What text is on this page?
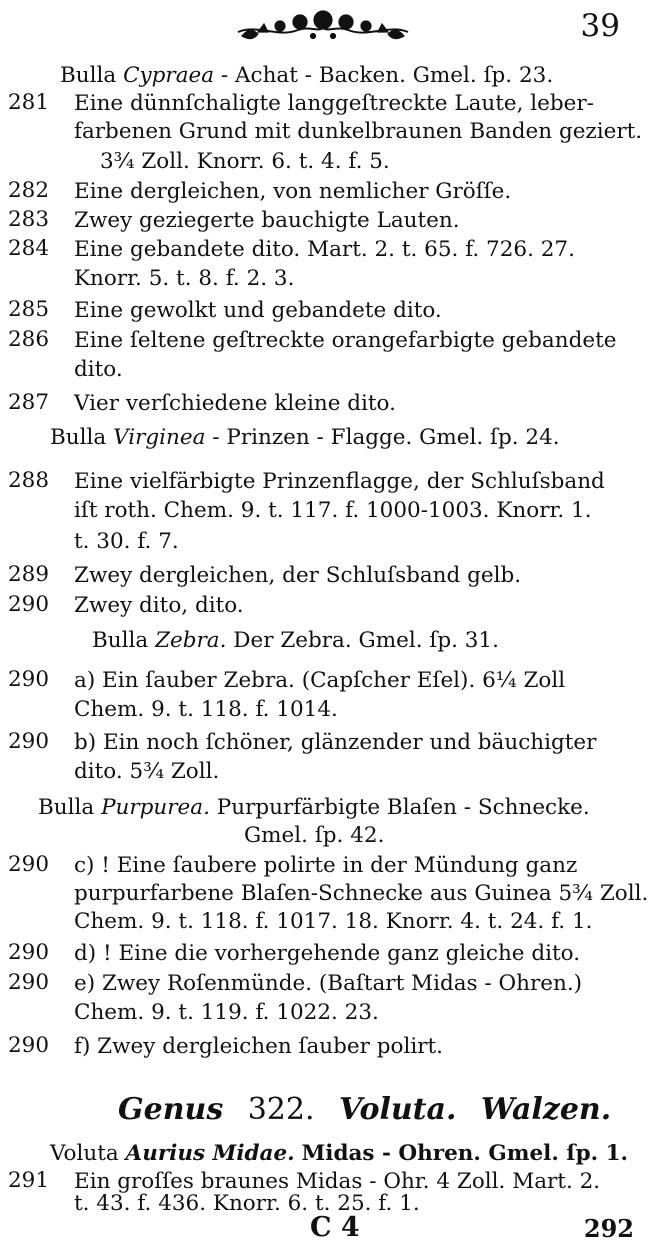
39
Bulla Cypraea - Achat - Backen. Gmel. ſp. 23.
281 Eine dünnſchaligte langgeſtreckte Laute, leber-
farbenen Grund mit dunkelbraunen Banden geziert.
3¾ Zoll. Knorr. 6. t. 4. f. 5.
282 Eine dergleichen, von nemlicher Gröſſe.
283 Zwey geziegerte bauchigte Lauten.
284 Eine gebandete dito. Mart. 2. t. 65. f. 726. 27.
Knorr. 5. t. 8. f. 2. 3.
285 Eine gewolkt und gebandete dito.
286 Eine ſeltene geſtreckte orangefarbigte gebandete
dito.
287 Vier verſchiedene kleine dito.
Bulla Virginea - Prinzen - Flagge. Gmel. ſp. 24.
288 Eine vielfärbigte Prinzenflagge, der Schluſsband
iſt roth. Chem. 9. t. 117. f. 1000-1003. Knorr. 1.
t. 30. f. 7.
289 Zwey dergleichen, der Schluſsband gelb.
290 Zwey dito, dito.
Bulla Zebra. Der Zebra. Gmel. ſp. 31.
290 a) Ein ſauber Zebra. (Capſcher Eſel). 6¼ Zoll
Chem. 9. t. 118. f. 1014.
290 b) Ein noch ſchöner, glänzender und bäuchigter
dito. 5¾ Zoll.
Bulla Purpurea. Purpurfärbigte Blaſen - Schnecke.
Gmel. ſp. 42.
290 c) ! Eine ſaubere polirte in der Mündung ganz
purpurfarbene Blaſen-Schnecke aus Guinea 5¾ Zoll.
Chem. 9. t. 118. f. 1017. 18. Knorr. 4. t. 24. f. 1.
290 d) ! Eine die vorhergehende ganz gleiche dito.
290 e) Zwey Roſenmünde. (Baſtart Midas - Ohren.)
Chem. 9. t. 119. f. 1022. 23.
290 f) Zwey dergleichen ſauber polirt.
Genus 322. Voluta. Walzen.
Voluta Aurius Midae. Midas - Ohren. Gmel. ſp. 1.
291 Ein groſſes braunes Midas - Ohr. 4 Zoll. Mart. 2.
t. 43. f. 436. Knorr. 6. t. 25. f. 1.
C 4	292
